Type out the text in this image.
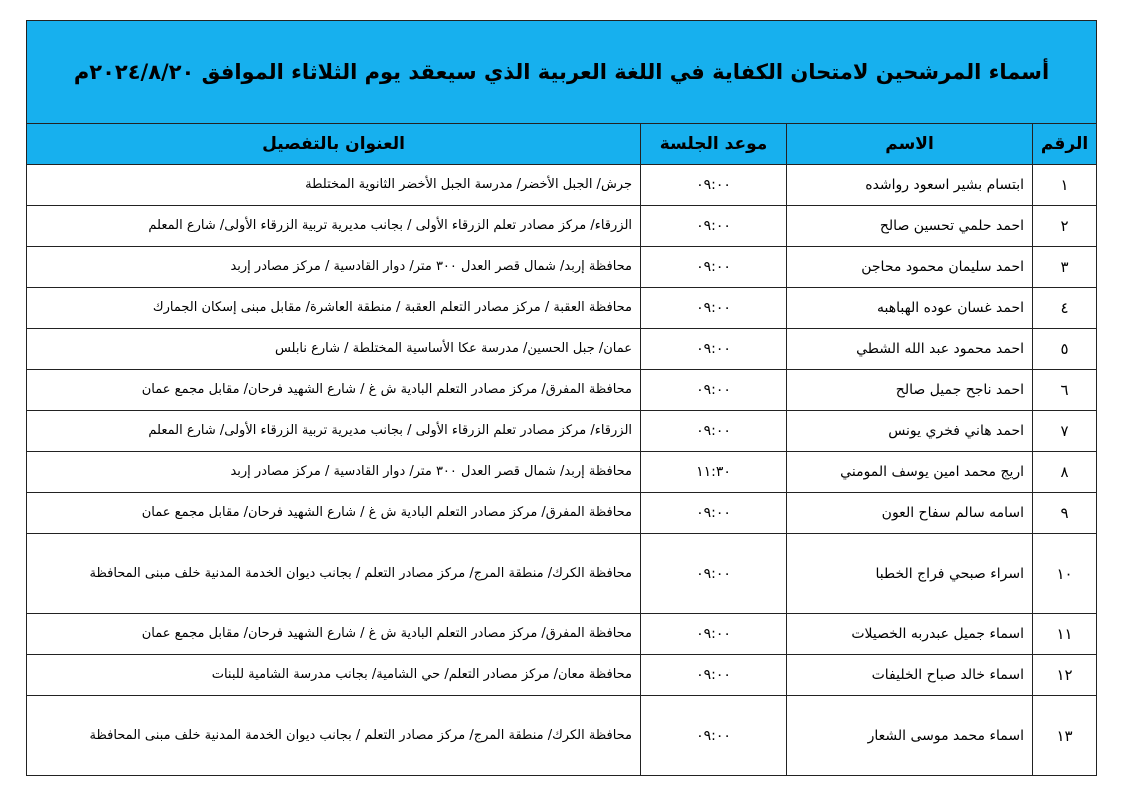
أسماء المرشحين لامتحان الكفاية في اللغة العربية الذي سيعقد يوم الثلاثاء الموافق ٢٠٢٤/٨/٢٠م			
الرقم	الاسم	موعد الجلسة	العنوان بالتفصيل
١	ابتسام بشير اسعود رواشده	٠٩:٠٠	جرش/ الجبل الأخضر/ مدرسة الجبل الأخضر الثانوية المختلطة
٢	احمد حلمي تحسين صالح	٠٩:٠٠	الزرقاء/ مركز مصادر تعلم الزرقاء الأولى / بجانب مديرية تربية الزرقاء الأولى/ شارع المعلم
٣	احمد سليمان محمود محاجن	٠٩:٠٠	محافظة إربد/ شمال قصر العدل ٣٠٠ متر/ دوار القادسية / مركز مصادر إربد
٤	احمد غسان عوده الهباهبه	٠٩:٠٠	محافظة العقبة / مركز مصادر التعلم العقبة / منطقة العاشرة/ مقابل مبنى إسكان الجمارك
٥	احمد محمود عبد الله الشطي	٠٩:٠٠	عمان/ جبل الحسين/ مدرسة عكا الأساسية المختلطة / شارع نابلس
٦	احمد ناجح جميل صالح	٠٩:٠٠	محافظة المفرق/ مركز مصادر التعلم البادية ش غ / شارع الشهيد فرحان/ مقابل مجمع عمان
٧	احمد هاني فخري يونس	٠٩:٠٠	الزرقاء/ مركز مصادر تعلم الزرقاء الأولى / بجانب مديرية تربية الزرقاء الأولى/ شارع المعلم
٨	اريج محمد امين يوسف المومني	١١:٣٠	محافظة إربد/ شمال قصر العدل ٣٠٠ متر/ دوار القادسية / مركز مصادر إربد
٩	اسامه سالم سفاح العون	٠٩:٠٠	محافظة المفرق/ مركز مصادر التعلم البادية ش غ / شارع الشهيد فرحان/ مقابل مجمع عمان
١٠	اسراء صبحي فراج الخطبا	٠٩:٠٠	محافظة الكرك/ منطقة المرج/ مركز مصادر التعلم / بجانب ديوان الخدمة المدنية خلف مبنى المحافظة
١١	اسماء جميل عبدربه الخصيلات	٠٩:٠٠	محافظة المفرق/ مركز مصادر التعلم البادية ش غ / شارع الشهيد فرحان/ مقابل مجمع عمان
١٢	اسماء خالد صباح الخليفات	٠٩:٠٠	محافظة معان/ مركز مصادر التعلم/ حي الشامية/ بجانب مدرسة الشامية للبنات
١٣	اسماء محمد موسى الشعار	٠٩:٠٠	محافظة الكرك/ منطقة المرج/ مركز مصادر التعلم / بجانب ديوان الخدمة المدنية خلف مبنى المحافظة
